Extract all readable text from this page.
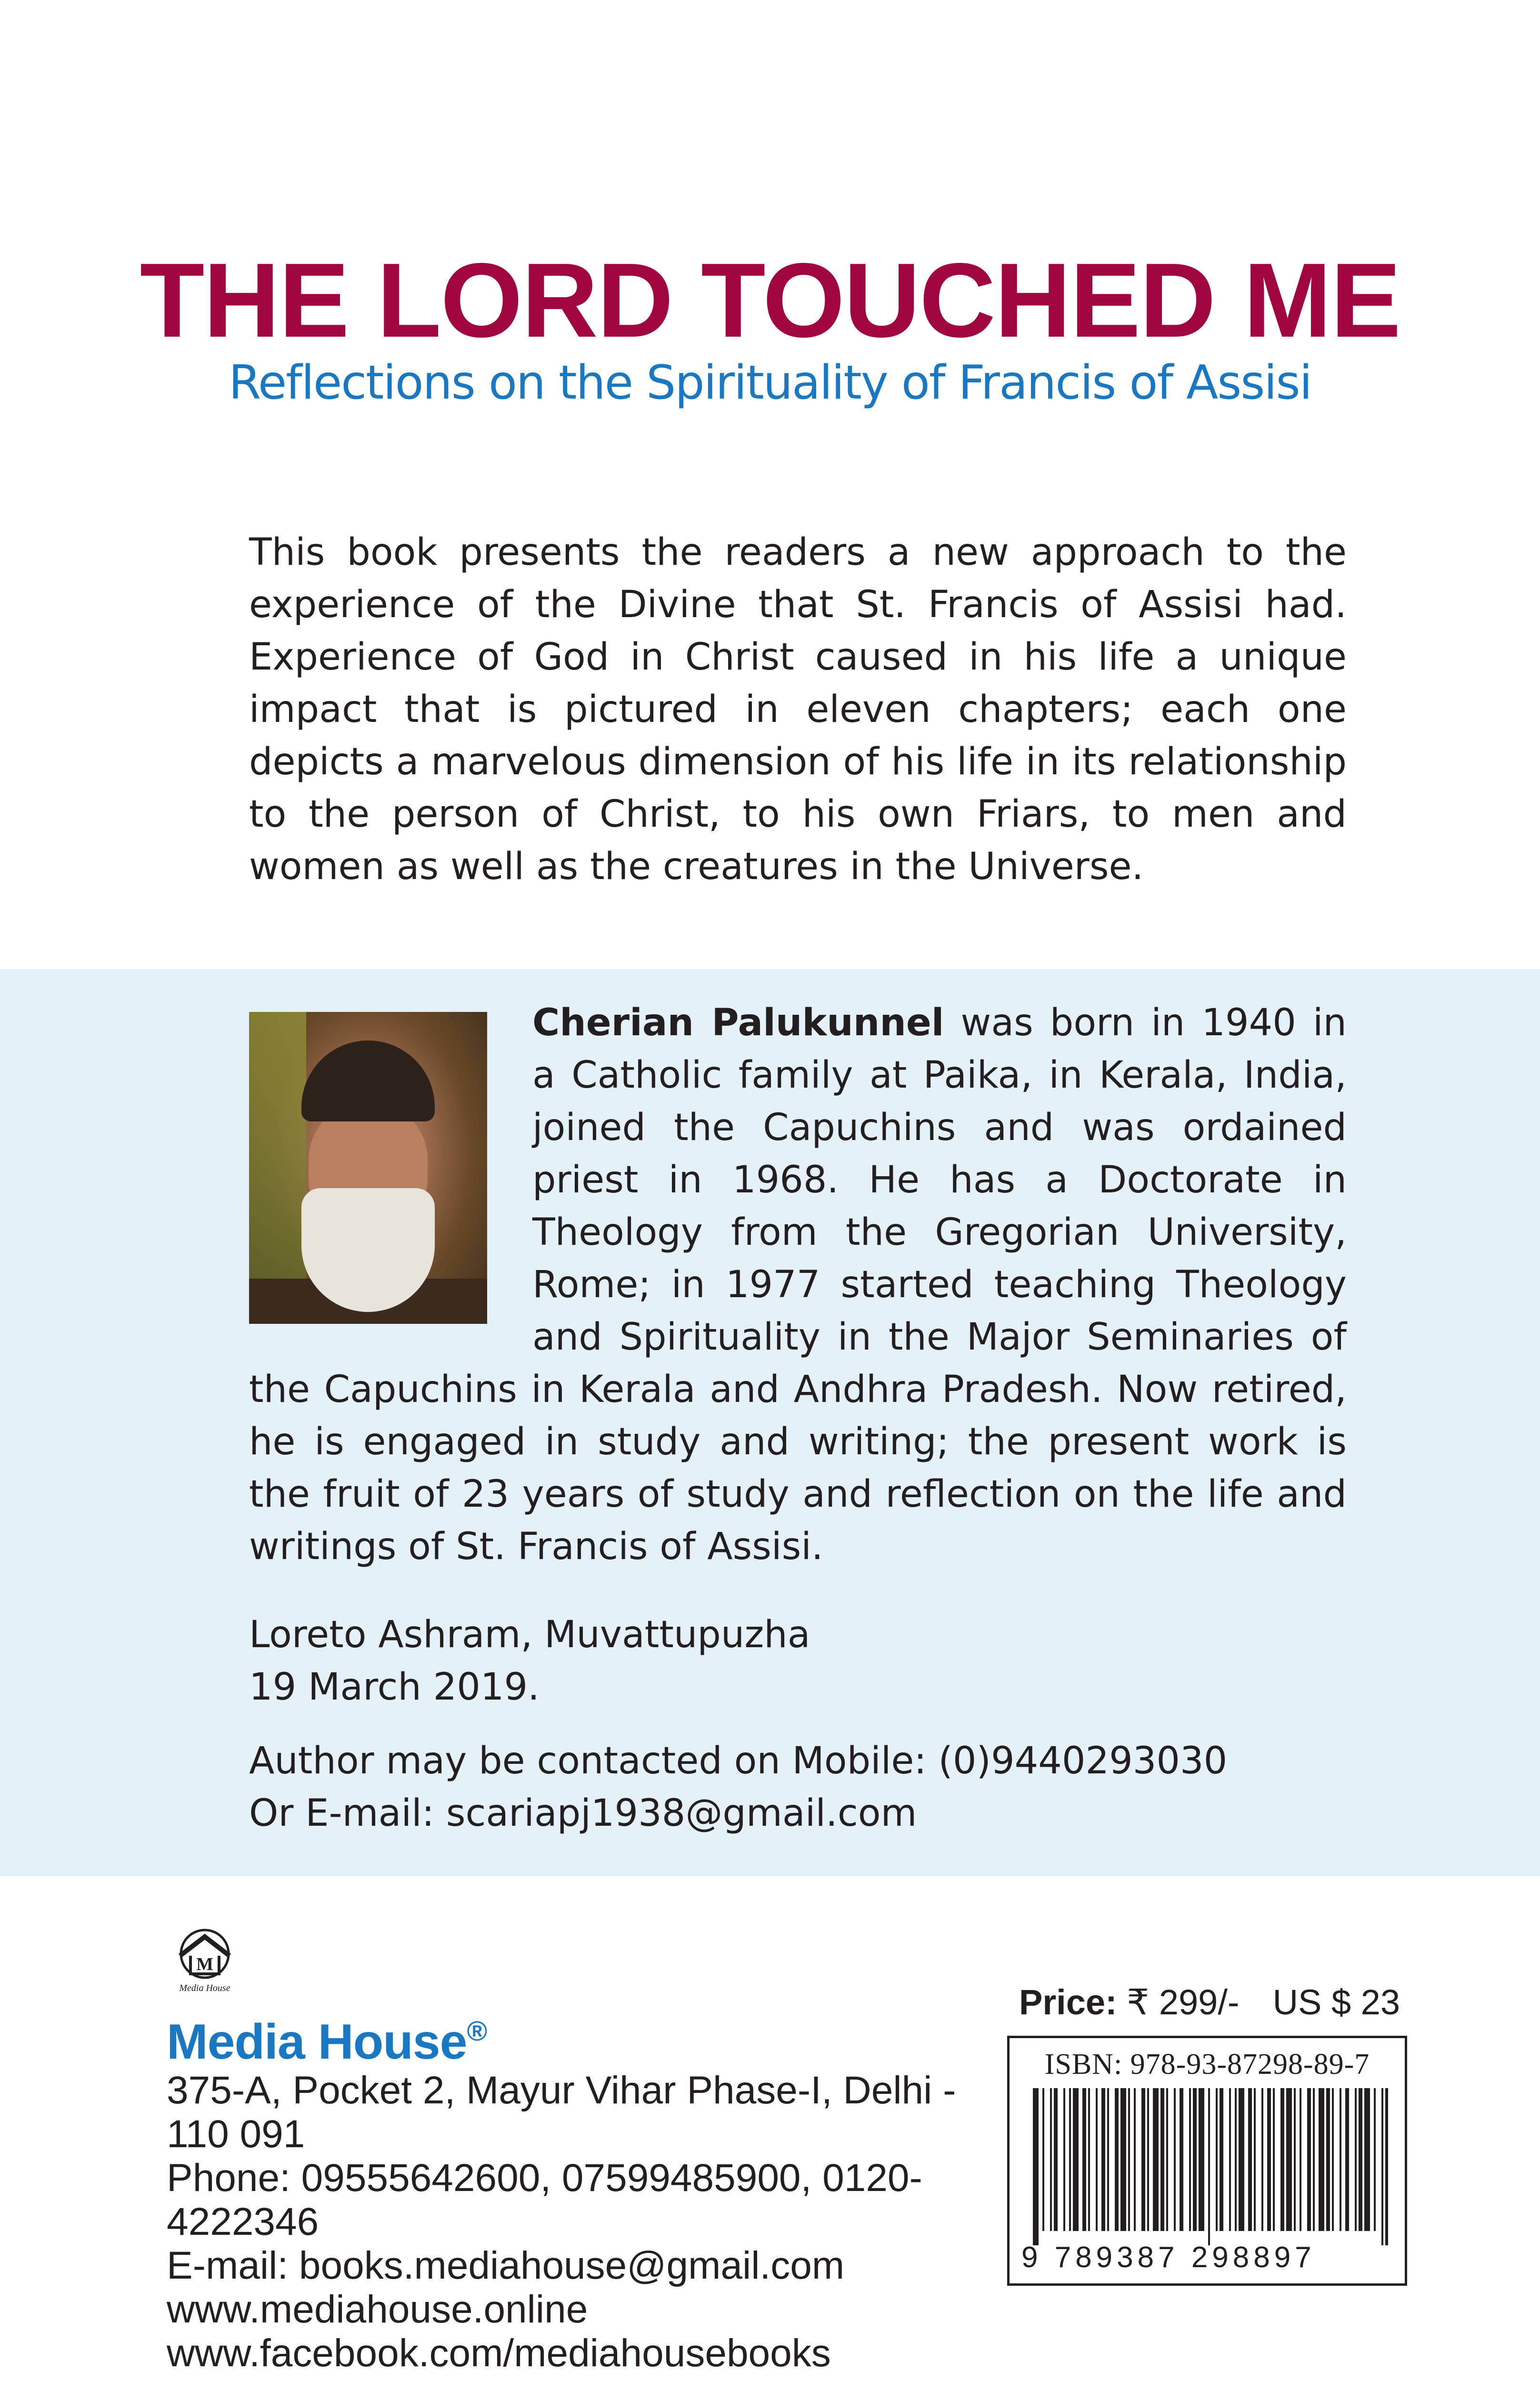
THE LORD TOUCHED ME
Reflections on the Spirituality of Francis of Assisi

This book presents the readers a new approach to the experience of the Divine that St. Francis of Assisi had. Experience of God in Christ caused in his life a unique impact that is pictured in eleven chapters; each one depicts a marvelous dimension of his life in its relationship to the person of Christ, to his own Friars, to men and women as well as the creatures in the Universe.

Cherian Palukunnel was born in 1940 in a Catholic family at Paika, in Kerala, India, joined the Capuchins and was ordained priest in 1968. He has a Doctorate in Theology from the Gregorian University, Rome; in 1977 started teaching Theology and Spirituality in the Major Seminaries of the Capuchins in Kerala and Andhra Pradesh. Now retired, he is engaged in study and writing; the present work is the fruit of 23 years of study and reflection on the life and writings of St. Francis of Assisi.

Loreto Ashram, Muvattupuzha
19 March 2019.
Author may be contacted on Mobile: (0)9440293030
Or E-mail: scariapj1938@gmail.com
M
Media House
Media House®
375-A, Pocket 2, Mayur Vihar Phase-I, Delhi - 110 091
Phone: 09555642600, 07599485900, 0120-4222346
E-mail: books.mediahouse@gmail.com
www.mediahouse.online
www.facebook.com/mediahousebooks
Price: ₹ 299/- US $ 23
ISBN: 978-93-87298-89-7
9 789387 298897
